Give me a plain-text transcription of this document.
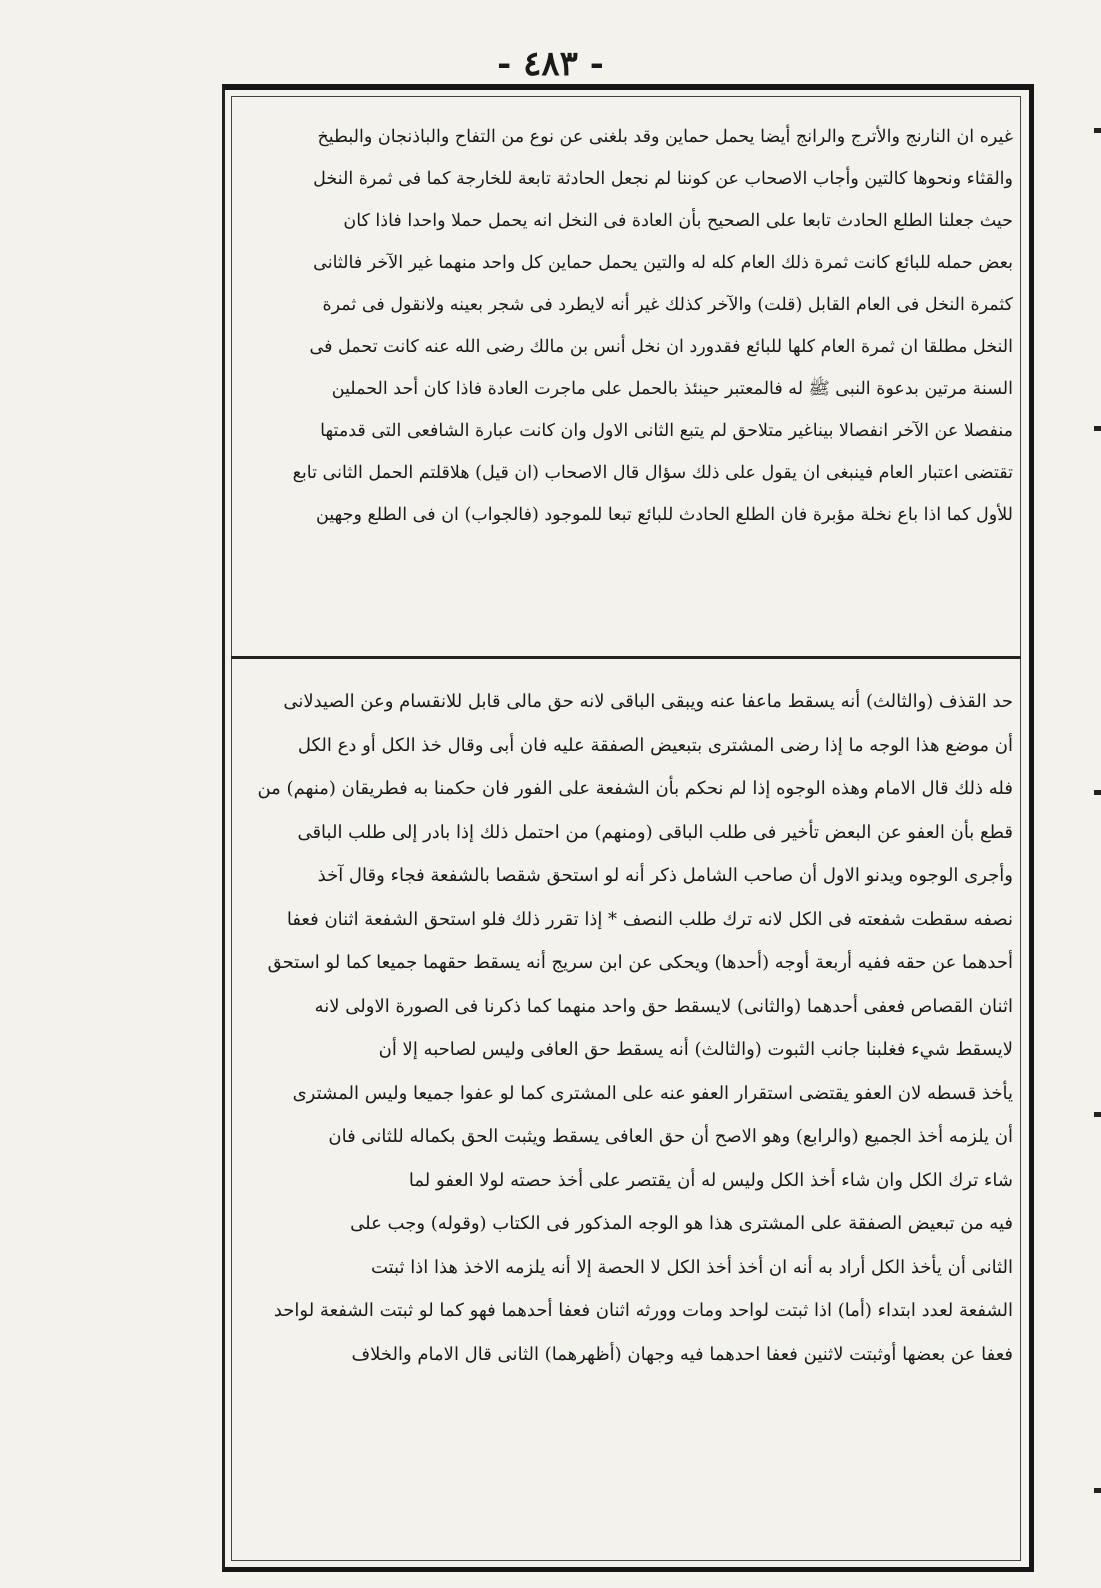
- ٤٨٣ -
غيره ان النارنج والأترج والرانج أيضا يحمل حماين وقد بلغنى عن نوع من التفاح والباذنجان والبطيخ
والقثاء ونحوها كالتين وأجاب الاصحاب عن كوننا لم نجعل الحادثة تابعة للخارجة كما فى ثمرة النخل
حيث جعلنا الطلع الحادث تابعا على الصحيح بأن العادة فى النخل انه يحمل حملا واحدا فاذا كان
بعض حمله للبائع كانت ثمرة ذلك العام كله له والتين يحمل حماين كل واحد منهما غير الآخر فالثانى
كثمرة النخل فى العام القابل (قلت) والآخر كذلك غير أنه لايطرد فى شجر بعينه ولانقول فى ثمرة
النخل مطلقا ان ثمرة العام كلها للبائع فقدورد ان نخل أنس بن مالك رضى الله عنه كانت تحمل فى
السنة مرتين بدعوة النبى ﷺ له فالمعتبر حينئذ بالحمل على ماجرت العادة فاذا كان أحد الحملين
منفصلا عن الآخر انفصالا بيناغير متلاحق لم يتبع الثانى الاول وان كانت عبارة الشافعى التى قدمتها
تقتضى اعتبار العام فينبغى ان يقول على ذلك سؤال قال الاصحاب (ان قيل) هلاقلتم الحمل الثانى تابع
للأول كما اذا باع نخلة مؤبرة فان الطلع الحادث للبائع تبعا للموجود (فالجواب) ان فى الطلع وجهين
حد القذف (والثالث) أنه يسقط ماعفا عنه ويبقى الباقى لانه حق مالى قابل للانقسام وعن الصيدلانى
أن موضع هذا الوجه ما إذا رضى المشترى بتبعيض الصفقة عليه فان أبى وقال خذ الكل أو دع الكل
فله ذلك قال الامام وهذه الوجوه إذا لم نحكم بأن الشفعة على الفور فان حكمنا به فطريقان (منهم) من
قطع بأن العفو عن البعض تأخير فى طلب الباقى (ومنهم) من احتمل ذلك إذا بادر إلى طلب الباقى
وأجرى الوجوه ويدنو الاول أن صاحب الشامل ذكر أنه لو استحق شقصا بالشفعة فجاء وقال آخذ
نصفه سقطت شفعته فى الكل لانه ترك طلب النصف * إذا تقرر ذلك فلو استحق الشفعة اثنان فعفا
أحدهما عن حقه ففيه أربعة أوجه (أحدها) ويحكى عن ابن سريج أنه يسقط حقهما جميعا كما لو استحق
اثنان القصاص فعفى أحدهما (والثانى) لايسقط حق واحد منهما كما ذكرنا فى الصورة الاولى لانه
لايسقط شيء فغلبنا جانب الثبوت (والثالث) أنه يسقط حق العافى وليس لصاحبه إلا أن
يأخذ قسطه لان العفو يقتضى استقرار العفو عنه على المشترى كما لو عفوا جميعا وليس المشترى
أن يلزمه أخذ الجميع (والرابع) وهو الاصح أن حق العافى يسقط ويثبت الحق بكماله للثانى فان
شاء ترك الكل وان شاء أخذ الكل وليس له أن يقتصر على أخذ حصته لولا العفو لما
فيه من تبعيض الصفقة على المشترى هذا هو الوجه المذكور فى الكتاب (وقوله) وجب على
الثانى أن يأخذ الكل أراد به أنه ان أخذ أخذ الكل لا الحصة إلا أنه يلزمه الاخذ هذا اذا ثبتت
الشفعة لعدد ابتداء (أما) اذا ثبتت لواحد ومات وورثه اثنان فعفا أحدهما فهو كما لو ثبتت الشفعة لواحد
فعفا عن بعضها أوثبتت لاثنين فعفا احدهما فيه وجهان (أظهرهما) الثانى قال الامام والخلاف
